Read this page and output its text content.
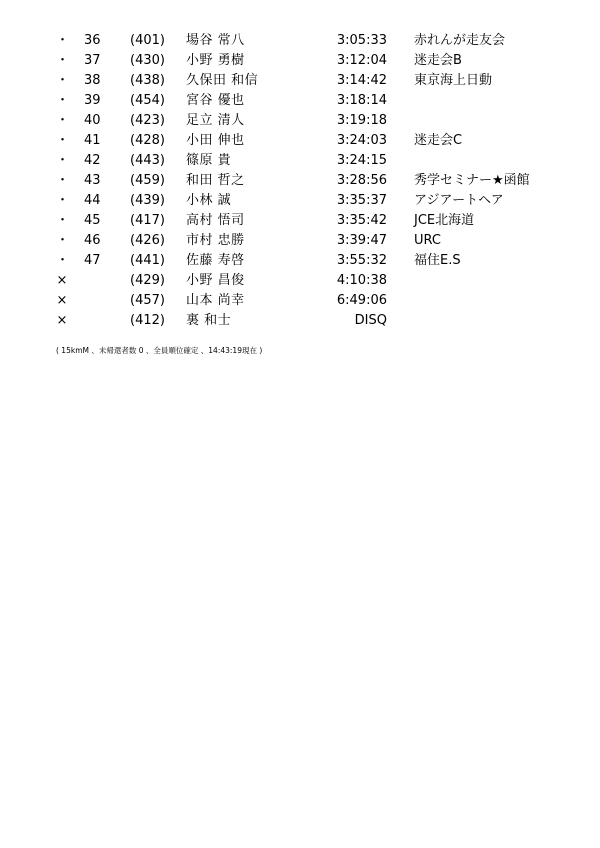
・ 36 (401) 場谷 常八	3:05:33 赤れんが走友会
・ 37 (430) 小野 勇樹	3:12:04 迷走会B
・ 38 (438) 久保田 和信	3:14:42 東京海上日動
・ 39 (454) 宮谷 優也	3:18:14
・ 40 (423) 足立 清人	3:19:18
・ 41 (428) 小田 伸也	3:24:03 迷走会C
・ 42 (443) 篠原 貴	3:24:15
・ 43 (459) 和田 哲之	3:28:56 秀学セミナー★函館
・ 44 (439) 小林 誠	3:35:37 アジアートヘア
・ 45 (417) 高村 悟司	3:35:42 JCE北海道
・ 46 (426) 市村 忠勝	3:39:47 URC
・ 47 (441) 佐藤 寿啓	3:55:32 福住E.S
×	(429) 小野 昌俊	4:10:38
×	(457) 山本 尚幸	6:49:06
×	(412) 裏 和士	DISQ
( 15kmM 、未帰還者数 0 、全員順位確定 、14:43:19現在 )
